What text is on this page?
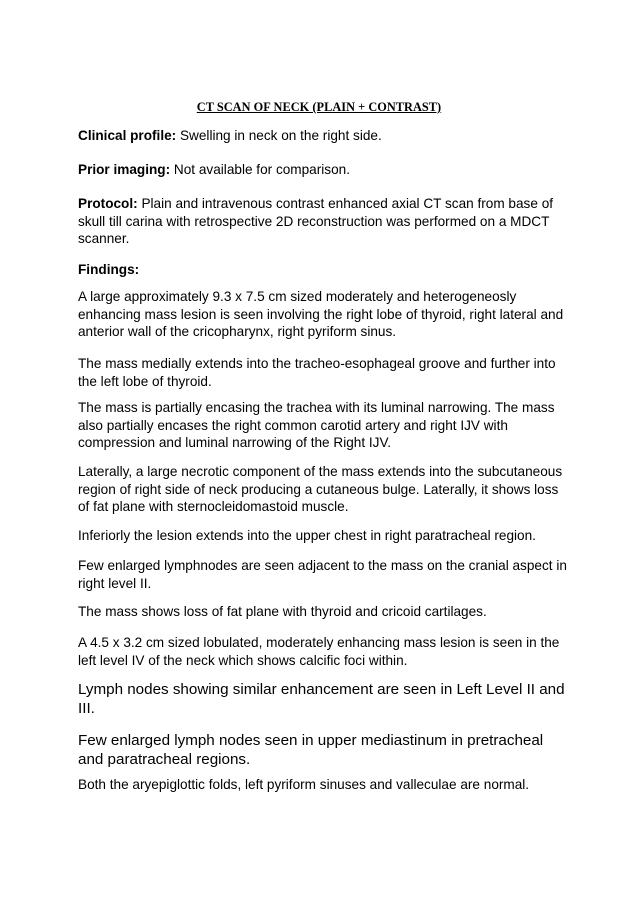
CT SCAN OF NECK (PLAIN + CONTRAST)

Clinical profile: Swelling in neck on the right side.

Prior imaging: Not available for comparison.

Protocol: Plain and intravenous contrast enhanced axial CT scan from base of skull till carina with retrospective 2D reconstruction was performed on a MDCT scanner.

Findings:

A large approximately 9.3 x 7.5 cm sized moderately and heterogeneosly enhancing mass lesion is seen involving the right lobe of thyroid, right lateral and anterior wall of the cricopharynx, right pyriform sinus.

The mass medially extends into the tracheo-esophageal groove and further into the left lobe of thyroid.

The mass is partially encasing the trachea with its luminal narrowing. The mass also partially encases the right common carotid artery and right IJV with compression and luminal narrowing of the Right IJV.

Laterally, a large necrotic component of the mass extends into the subcutaneous region of right side of neck producing a cutaneous bulge. Laterally, it shows loss of fat plane with sternocleidomastoid muscle.

Inferiorly the lesion extends into the upper chest in right paratracheal region.

Few enlarged lymphnodes are seen adjacent to the mass on the cranial aspect in right level II.

The mass shows loss of fat plane with thyroid and cricoid cartilages.

A 4.5 x 3.2 cm sized lobulated, moderately enhancing mass lesion is seen in the left level IV of the neck which shows calcific foci within.

Lymph nodes showing similar enhancement are seen in Left Level II and III.

Few enlarged lymph nodes seen in upper mediastinum in pretracheal and paratracheal regions.

Both the aryepiglottic folds, left pyriform sinuses and valleculae are normal.
